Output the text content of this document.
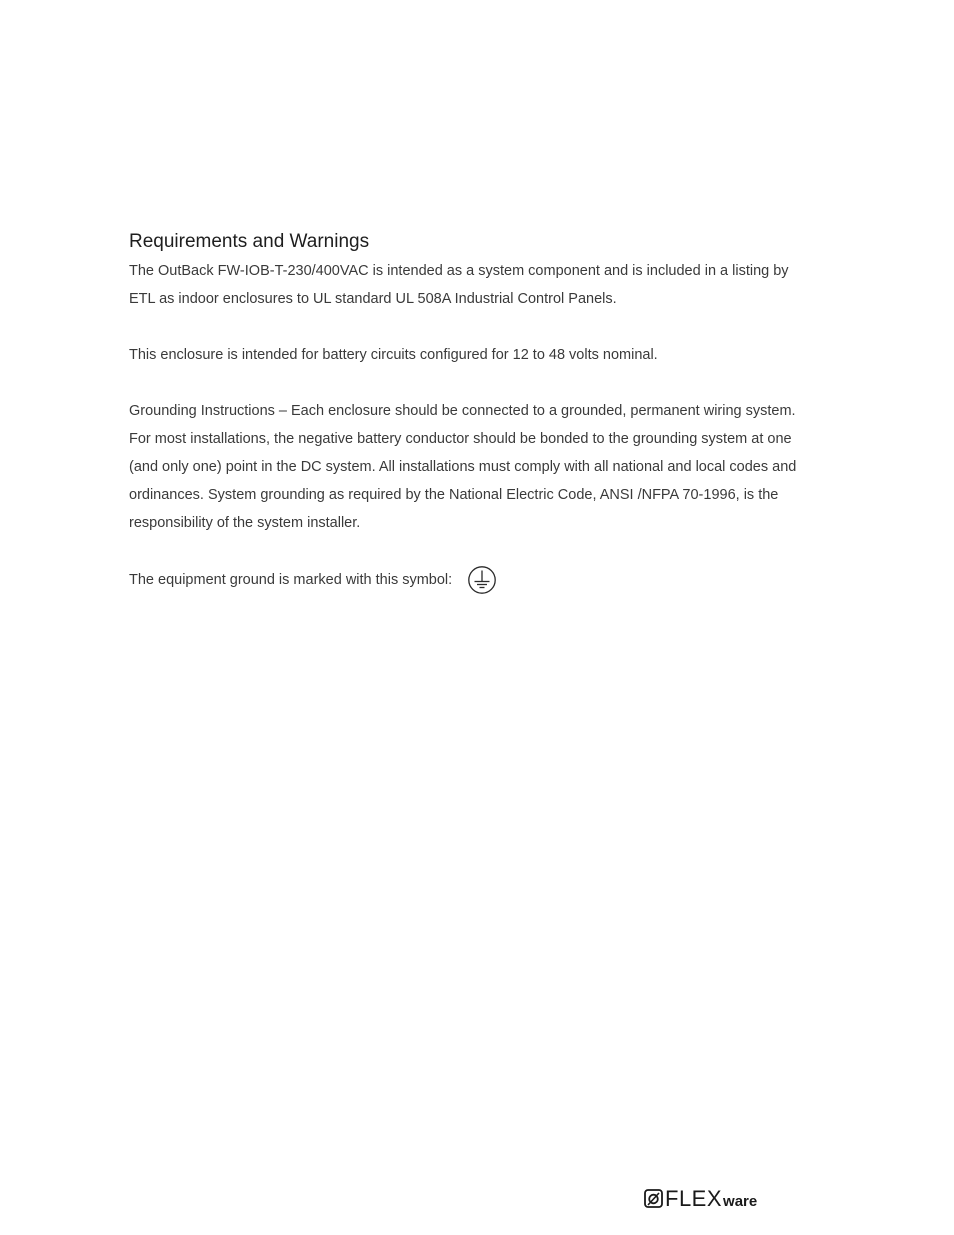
Requirements and Warnings

The OutBack FW-IOB-T-230/400VAC is intended as a system component and is included in a listing by ETL as indoor enclosures to UL standard UL 508A Industrial Control Panels.

This enclosure is intended for battery circuits configured for 12 to 48 volts nominal.

Grounding Instructions – Each enclosure should be connected to a grounded, permanent wiring system. For most installations, the negative battery conductor should be bonded to the grounding system at one (and only one) point in the DC system. All installations must comply with all national and local codes and ordinances. System grounding as required by the National Electric Code, ANSI /NFPA 70-1996, is the responsibility of the system installer.

The equipment ground is marked with this symbol:
FLEX ware
